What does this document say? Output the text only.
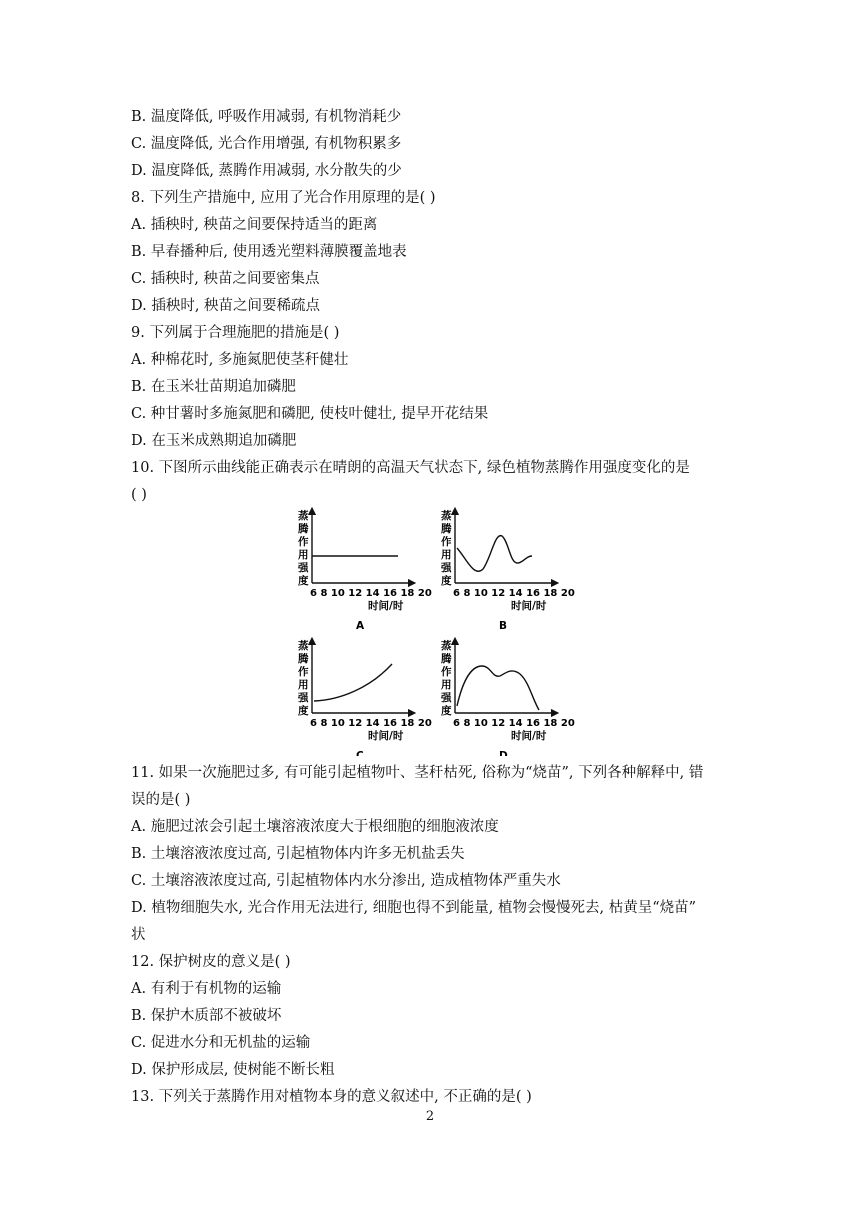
B. 温度降低, 呼吸作用减弱, 有机物消耗少
C. 温度降低, 光合作用增强, 有机物积累多
D. 温度降低, 蒸腾作用减弱, 水分散失的少
8. 下列生产措施中, 应用了光合作用原理的是( )
A. 插秧时, 秧苗之间要保持适当的距离
B. 早春播种后, 使用透光塑料薄膜覆盖地表
C. 插秧时, 秧苗之间要密集点
D. 插秧时, 秧苗之间要稀疏点
9. 下列属于合理施肥的措施是( )
A. 种棉花时, 多施氮肥使茎秆健壮
B. 在玉米壮苗期追加磷肥
C. 种甘薯时多施氮肥和磷肥, 使枝叶健壮, 提早开花结果
D. 在玉米成熟期追加磷肥
10. 下图所示曲线能正确表示在晴朗的高温天气状态下, 绿色植物蒸腾作用强度变化的是
( )
蒸
腾
作
用
强
度
6 8 10 12 14 16 18 20
时间/时
A
蒸
腾
作
用
强
度
6 8 10 12 14 16 18 20
时间/时
B
蒸
腾
作
用
强
度
6 8 10 12 14 16 18 20
时间/时
C
蒸
腾
作
用
强
度
6 8 10 12 14 16 18 20
时间/时
D
11. 如果一次施肥过多, 有可能引起植物叶、茎秆枯死, 俗称为“烧苗”, 下列各种解释中, 错
误的是( )
A. 施肥过浓会引起土壤溶液浓度大于根细胞的细胞液浓度
B. 土壤溶液浓度过高, 引起植物体内许多无机盐丢失
C. 土壤溶液浓度过高, 引起植物体内水分渗出, 造成植物体严重失水
D. 植物细胞失水, 光合作用无法进行, 细胞也得不到能量, 植物会慢慢死去, 枯黄呈“烧苗”
状
12. 保护树皮的意义是( )
A. 有利于有机物的运输
B. 保护木质部不被破坏
C. 促进水分和无机盐的运输
D. 保护形成层, 使树能不断长粗
13. 下列关于蒸腾作用对植物本身的意义叙述中, 不正确的是( )
2
